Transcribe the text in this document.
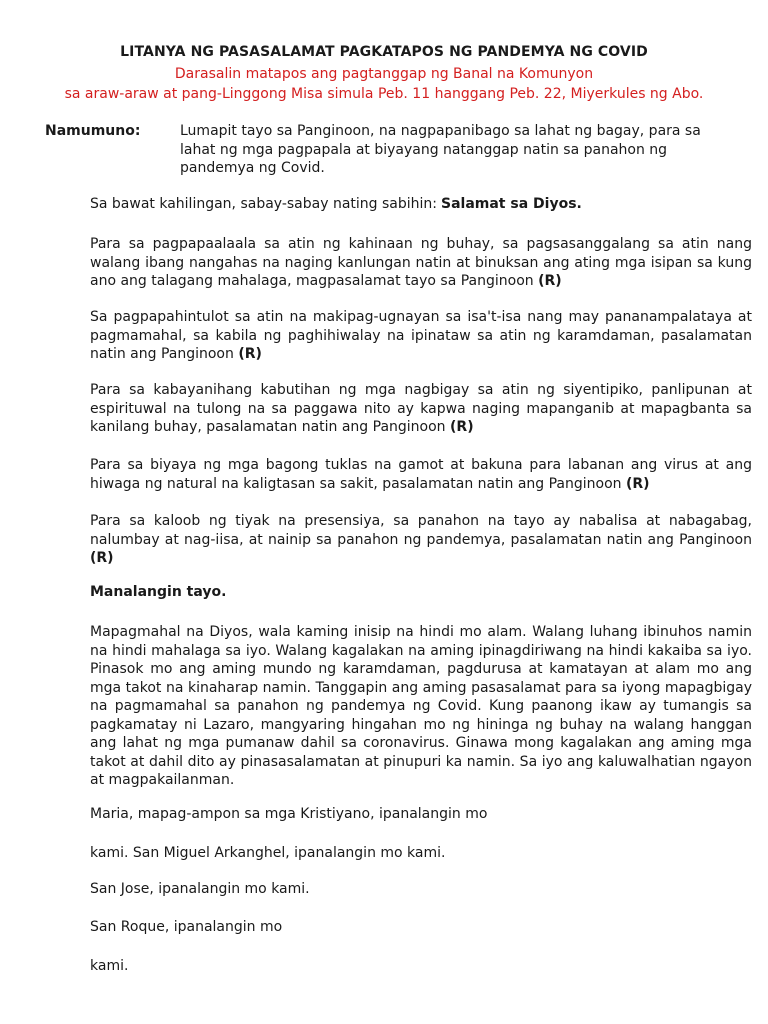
LITANYA NG PASASALAMAT PAGKATAPOS NG PANDEMYA NG COVID
Darasalin matapos ang pagtanggap ng Banal na Komunyon
sa araw-araw at pang-Linggong Misa simula Peb. 11 hanggang Peb. 22, Miyerkules ng Abo.
Namumuno:	Lumapit tayo sa Panginoon, na nagpapanibago sa lahat ng bagay, para sa lahat ng mga pagpapala at biyayang natanggap natin sa panahon ng pandemya ng Covid.

Sa bawat kahilingan, sabay-sabay nating sabihin: Salamat sa Diyos.

Para sa pagpapaalaala sa atin ng kahinaan ng buhay, sa pagsasanggalang sa atin nang walang ibang nangahas na naging kanlungan natin at binuksan ang ating mga isipan sa kung ano ang talagang mahalaga, magpasalamat tayo sa Panginoon (R)

Sa pagpapahintulot sa atin na makipag-ugnayan sa isa't-isa nang may pananampalataya at pagmamahal, sa kabila ng paghihiwalay na ipinataw sa atin ng karamdaman, pasalamatan natin ang Panginoon (R)

Para sa kabayanihang kabutihan ng mga nagbigay sa atin ng siyentipiko, panlipunan at espirituwal na tulong na sa paggawa nito ay kapwa naging mapanganib at mapagbanta sa kanilang buhay, pasalamatan natin ang Panginoon (R)

Para sa biyaya ng mga bagong tuklas na gamot at bakuna para labanan ang virus at ang hiwaga ng natural na kaligtasan sa sakit, pasalamatan natin ang Panginoon (R)

Para sa kaloob ng tiyak na presensiya, sa panahon na tayo ay nabalisa at nabagabag, nalumbay at nag-iisa, at nainip sa panahon ng pandemya, pasalamatan natin ang Panginoon (R)

Manalangin tayo.

Mapagmahal na Diyos, wala kaming inisip na hindi mo alam. Walang luhang ibinuhos namin na hindi mahalaga sa iyo. Walang kagalakan na aming ipinagdiriwang na hindi kakaiba sa iyo. Pinasok mo ang aming mundo ng karamdaman, pagdurusa at kamatayan at alam mo ang mga takot na kinaharap namin. Tanggapin ang aming pasasalamat para sa iyong mapagbigay na pagmamahal sa panahon ng pandemya ng Covid. Kung paanong ikaw ay tumangis sa pagkamatay ni Lazaro, mangyaring hingahan mo ng hininga ng buhay na walang hanggan ang lahat ng mga pumanaw dahil sa coronavirus. Ginawa mong kagalakan ang aming mga takot at dahil dito ay pinasasalamatan at pinupuri ka namin. Sa iyo ang kaluwalhatian ngayon at magpakailanman.

Maria, mapag-ampon sa mga Kristiyano, ipanalangin mo
kami. San Miguel Arkanghel, ipanalangin mo kami.
San Jose, ipanalangin mo kami.
San Roque, ipanalangin mo
kami.
